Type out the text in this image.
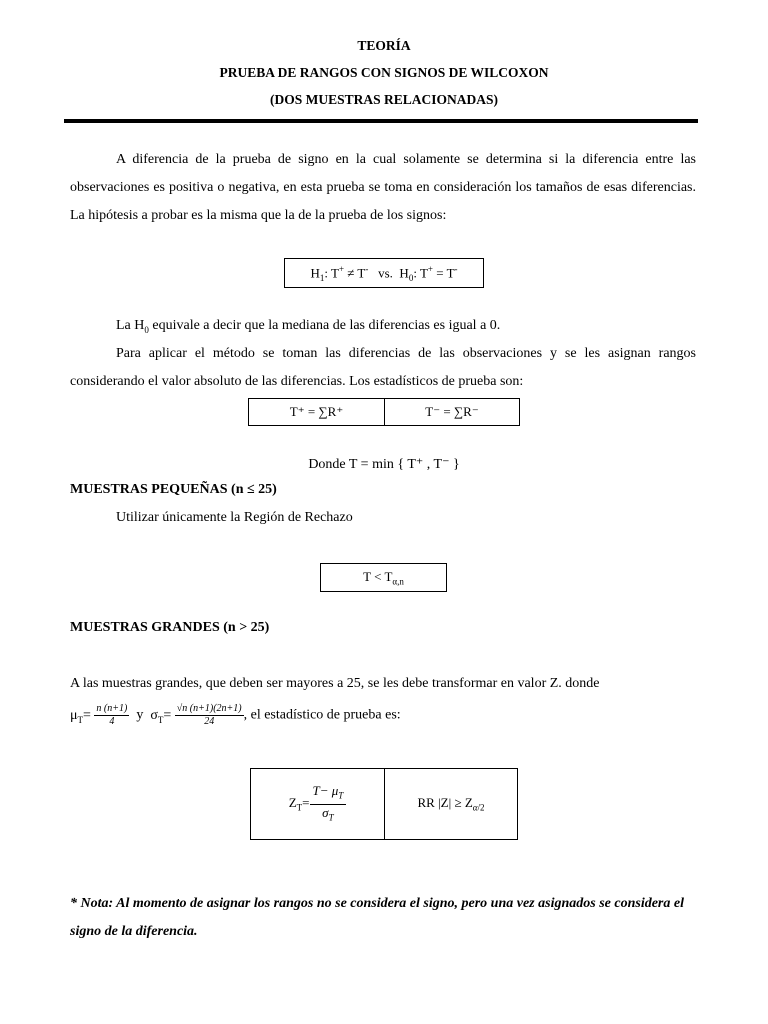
TEORÍA
PRUEBA DE RANGOS CON SIGNOS DE WILCOXON
(DOS MUESTRAS RELACIONADAS)
A diferencia de la prueba de signo en la cual solamente se determina si la diferencia entre las observaciones es positiva o negativa, en esta prueba se toma en consideración los tamaños de esas diferencias. La hipótesis a probar es la misma que la de la prueba de los signos:
$H_1$: T+ ≠ T- vs. $H_0$: T+ = T-
La $H_0$ equivale a decir que la mediana de las diferencias es igual a 0.
Para aplicar el método se toman las diferencias de las observaciones y se les asignan rangos considerando el valor absoluto de las diferencias. Los estadísticos de prueba son:
T⁺ = ∑R⁺	T⁻ = ∑R⁻
Donde T = min { T⁺ , T⁻ }
MUESTRAS PEQUEÑAS (n ≤ 25)
Utilizar únicamente la Región de Rechazo
$T < T_{\alpha,n}$
MUESTRAS GRANDES (n > 25)
A las muestras grandes, que deben ser mayores a 25, se les debe transformar en valor Z. donde
$\mu_T= \frac{n (n+1)}{4}$ y $\sigma_T= \frac{√n (n+1)(2n+1)}{24}$ , el estadístico de prueba es:
$Z_T= \frac{T- \mu_T}{\sigma_T}$	RR $|Z| \ge Z_{\alpha/2}$
* Nota: Al momento de asignar los rangos no se considera el signo, pero una vez asignados se considera el signo de la diferencia.
